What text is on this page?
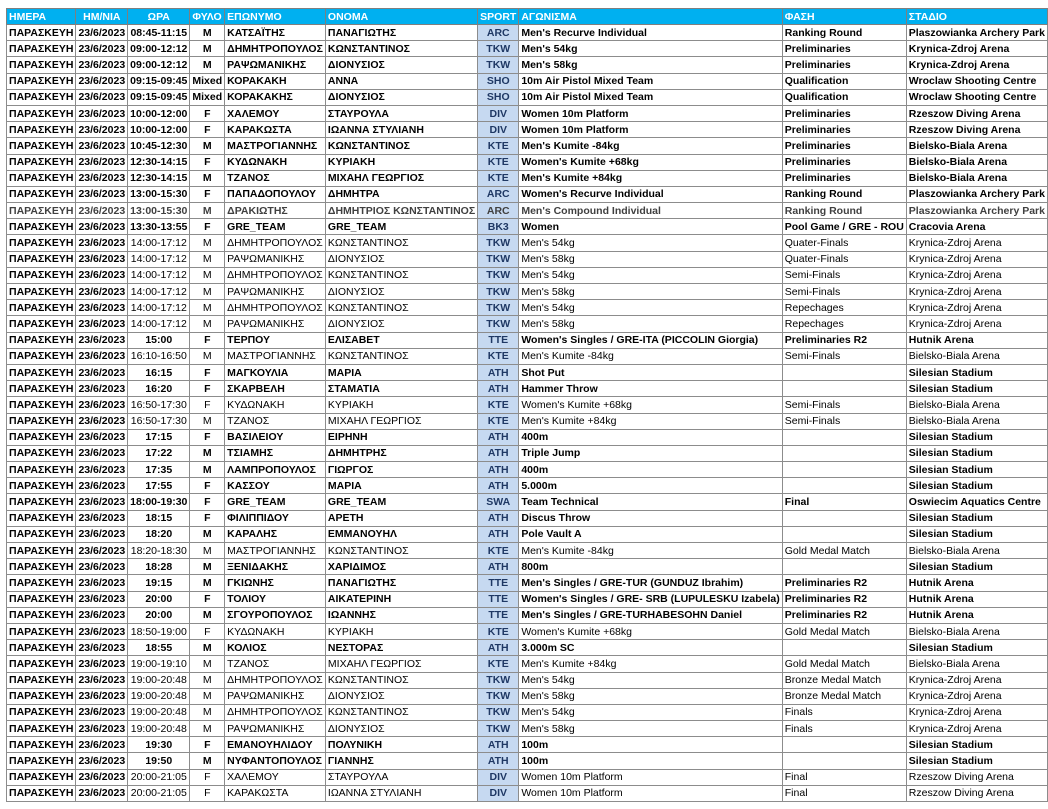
ΗΜΕΡΑ	ΗΜ/ΝΙΑ	ΩΡΑ	ΦΥΛΟ	ΕΠΩΝΥΜΟ	ΟΝΟΜΑ	SPORT	ΑΓΩΝΙΣΜΑ	ΦΑΣΗ	ΣΤΑΔΙΟ
ΠΑΡΑΣΚΕΥΗ	23/6/2023	08:45-11:15	M	ΚΑΤΣΑΪΤΗΣ	ΠΑΝΑΓΙΩΤΗΣ	ARC	Men's Recurve Individual	Ranking Round	Plaszowianka Archery Park
ΠΑΡΑΣΚΕΥΗ	23/6/2023	09:00-12:12	M	ΔΗΜΗΤΡΟΠΟΥΛΟΣ	ΚΩΝΣΤΑΝΤΙΝΟΣ	TKW	Men's 54kg	Preliminaries	Krynica-Zdroj Arena
ΠΑΡΑΣΚΕΥΗ	23/6/2023	09:00-12:12	M	ΡΑΨΩΜΑΝΙΚΗΣ	ΔΙΟΝΥΣΙΟΣ	TKW	Men's 58kg	Preliminaries	Krynica-Zdroj Arena
ΠΑΡΑΣΚΕΥΗ	23/6/2023	09:15-09:45	Mixed	ΚΟΡΑΚΑΚΗ	ΑΝΝΑ	SHO	10m Air Pistol Mixed Team	Qualification	Wroclaw Shooting Centre
ΠΑΡΑΣΚΕΥΗ	23/6/2023	09:15-09:45	Mixed	ΚΟΡΑΚΑΚΗΣ	ΔΙΟΝΥΣΙΟΣ	SHO	10m Air Pistol Mixed Team	Qualification	Wroclaw Shooting Centre
ΠΑΡΑΣΚΕΥΗ	23/6/2023	10:00-12:00	F	ΧΑΛΕΜΟΥ	ΣΤΑΥΡΟΥΛΑ	DIV	Women 10m Platform	Preliminaries	Rzeszow Diving Arena
ΠΑΡΑΣΚΕΥΗ	23/6/2023	10:00-12:00	F	ΚΑΡΑΚΩΣΤΑ	ΙΩΑΝΝΑ ΣΤΥΛΙΑΝΗ	DIV	Women 10m Platform	Preliminaries	Rzeszow Diving Arena
ΠΑΡΑΣΚΕΥΗ	23/6/2023	10:45-12:30	M	ΜΑΣΤΡΟΓΙΑΝΝΗΣ	ΚΩΝΣΤΑΝΤΙΝΟΣ	KTE	Men's Kumite -84kg	Preliminaries	Bielsko-Biala Arena
ΠΑΡΑΣΚΕΥΗ	23/6/2023	12:30-14:15	F	ΚΥΔΩΝΑΚΗ	ΚΥΡΙΑΚΗ	KTE	Women's Kumite +68kg	Preliminaries	Bielsko-Biala Arena
ΠΑΡΑΣΚΕΥΗ	23/6/2023	12:30-14:15	M	ΤΖΑΝΟΣ	ΜΙΧΑΗΛ ΓΕΩΡΓΙΟΣ	KTE	Men's Kumite +84kg	Preliminaries	Bielsko-Biala Arena
ΠΑΡΑΣΚΕΥΗ	23/6/2023	13:00-15:30	F	ΠΑΠΑΔΟΠΟΥΛΟΥ	ΔΗΜΗΤΡΑ	ARC	Women's Recurve Individual	Ranking Round	Plaszowianka Archery Park
ΠΑΡΑΣΚΕΥΗ	23/6/2023	13:00-15:30	M	ΔΡΑΚΙΩΤΗΣ	ΔΗΜΗΤΡΙΟΣ ΚΩΝΣΤΑΝΤΙΝΟΣ	ARC	Men's Compound Individual	Ranking Round	Plaszowianka Archery Park
ΠΑΡΑΣΚΕΥΗ	23/6/2023	13:30-13:55	F	GRE_TEAM	GRE_TEAM	BK3	Women	Pool Game / GRE - ROU	Cracovia Arena
ΠΑΡΑΣΚΕΥΗ	23/6/2023	14:00-17:12	M	ΔΗΜΗΤΡΟΠΟΥΛΟΣ	ΚΩΝΣΤΑΝΤΙΝΟΣ	TKW	Men's 54kg	Quater-Finals	Krynica-Zdroj Arena
ΠΑΡΑΣΚΕΥΗ	23/6/2023	14:00-17:12	M	ΡΑΨΩΜΑΝΙΚΗΣ	ΔΙΟΝΥΣΙΟΣ	TKW	Men's 58kg	Quater-Finals	Krynica-Zdroj Arena
ΠΑΡΑΣΚΕΥΗ	23/6/2023	14:00-17:12	M	ΔΗΜΗΤΡΟΠΟΥΛΟΣ	ΚΩΝΣΤΑΝΤΙΝΟΣ	TKW	Men's 54kg	Semi-Finals	Krynica-Zdroj Arena
ΠΑΡΑΣΚΕΥΗ	23/6/2023	14:00-17:12	M	ΡΑΨΩΜΑΝΙΚΗΣ	ΔΙΟΝΥΣΙΟΣ	TKW	Men's 58kg	Semi-Finals	Krynica-Zdroj Arena
ΠΑΡΑΣΚΕΥΗ	23/6/2023	14:00-17:12	M	ΔΗΜΗΤΡΟΠΟΥΛΟΣ	ΚΩΝΣΤΑΝΤΙΝΟΣ	TKW	Men's 54kg	Repechages	Krynica-Zdroj Arena
ΠΑΡΑΣΚΕΥΗ	23/6/2023	14:00-17:12	M	ΡΑΨΩΜΑΝΙΚΗΣ	ΔΙΟΝΥΣΙΟΣ	TKW	Men's 58kg	Repechages	Krynica-Zdroj Arena
ΠΑΡΑΣΚΕΥΗ	23/6/2023	15:00	F	ΤΕΡΠΟΥ	ΕΛΙΣΑΒΕΤ	TTE	Women's Singles / GRE-ITA (PICCOLIN Giorgia)	Preliminaries R2	Hutnik Arena
ΠΑΡΑΣΚΕΥΗ	23/6/2023	16:10-16:50	M	ΜΑΣΤΡΟΓΙΑΝΝΗΣ	ΚΩΝΣΤΑΝΤΙΝΟΣ	KTE	Men's Kumite -84kg	Semi-Finals	Bielsko-Biala Arena
ΠΑΡΑΣΚΕΥΗ	23/6/2023	16:15	F	ΜΑΓΚΟΥΛΙΑ	ΜΑΡΙΑ	ATH	Shot Put		Silesian Stadium
ΠΑΡΑΣΚΕΥΗ	23/6/2023	16:20	F	ΣΚΑΡΒΕΛΗ	ΣΤΑΜΑΤΙΑ	ATH	Hammer Throw		Silesian Stadium
ΠΑΡΑΣΚΕΥΗ	23/6/2023	16:50-17:30	F	ΚΥΔΩΝΑΚΗ	ΚΥΡΙΑΚΗ	KTE	Women's Kumite +68kg	Semi-Finals	Bielsko-Biala Arena
ΠΑΡΑΣΚΕΥΗ	23/6/2023	16:50-17:30	M	ΤΖΑΝΟΣ	ΜΙΧΑΗΛ ΓΕΩΡΓΙΟΣ	KTE	Men's Kumite +84kg	Semi-Finals	Bielsko-Biala Arena
ΠΑΡΑΣΚΕΥΗ	23/6/2023	17:15	F	ΒΑΣΙΛΕΙΟΥ	ΕΙΡΗΝΗ	ATH	400m		Silesian Stadium
ΠΑΡΑΣΚΕΥΗ	23/6/2023	17:22	M	ΤΣΙΑΜΗΣ	ΔΗΜΗΤΡΗΣ	ATH	Triple Jump		Silesian Stadium
ΠΑΡΑΣΚΕΥΗ	23/6/2023	17:35	M	ΛΑΜΠΡΟΠΟΥΛΟΣ	ΓΙΩΡΓΟΣ	ATH	400m		Silesian Stadium
ΠΑΡΑΣΚΕΥΗ	23/6/2023	17:55	F	ΚΑΣΣΟΥ	ΜΑΡΙΑ	ATH	5.000m		Silesian Stadium
ΠΑΡΑΣΚΕΥΗ	23/6/2023	18:00-19:30	F	GRE_TEAM	GRE_TEAM	SWA	Team Technical	Final	Oswiecim Aquatics Centre
ΠΑΡΑΣΚΕΥΗ	23/6/2023	18:15	F	ΦΙΛΙΠΠΙΔΟΥ	ΑΡΕΤΗ	ATH	Discus Throw		Silesian Stadium
ΠΑΡΑΣΚΕΥΗ	23/6/2023	18:20	M	ΚΑΡΑΛΗΣ	ΕΜΜΑΝΟΥΗΛ	ATH	Pole Vault A		Silesian Stadium
ΠΑΡΑΣΚΕΥΗ	23/6/2023	18:20-18:30	M	ΜΑΣΤΡΟΓΙΑΝΝΗΣ	ΚΩΝΣΤΑΝΤΙΝΟΣ	KTE	Men's Kumite -84kg	Gold Medal Match	Bielsko-Biala Arena
ΠΑΡΑΣΚΕΥΗ	23/6/2023	18:28	M	ΞΕΝΙΔΑΚΗΣ	ΧΑΡΙΔΙΜΟΣ	ATH	800m		Silesian Stadium
ΠΑΡΑΣΚΕΥΗ	23/6/2023	19:15	M	ΓΚΙΩΝΗΣ	ΠΑΝΑΓΙΩΤΗΣ	TTE	Men's Singles / GRE-TUR (GUNDUZ Ibrahim)	Preliminaries R2	Hutnik Arena
ΠΑΡΑΣΚΕΥΗ	23/6/2023	20:00	F	ΤΟΛΙΟΥ	ΑΙΚΑΤΕΡΙΝΗ	TTE	Women's Singles / GRE- SRB (LUPULESKU Izabela)	Preliminaries R2	Hutnik Arena
ΠΑΡΑΣΚΕΥΗ	23/6/2023	20:00	M	ΣΓΟΥΡΟΠΟΥΛΟΣ	ΙΩΑΝΝΗΣ	TTE	Men's Singles / GRE-TURHABESOHN Daniel	Preliminaries R2	Hutnik Arena
ΠΑΡΑΣΚΕΥΗ	23/6/2023	18:50-19:00	F	ΚΥΔΩΝΑΚΗ	ΚΥΡΙΑΚΗ	KTE	Women's Kumite +68kg	Gold Medal Match	Bielsko-Biala Arena
ΠΑΡΑΣΚΕΥΗ	23/6/2023	18:55	M	ΚΟΛΙΟΣ	ΝΕΣΤΟΡΑΣ	ATH	3.000m SC		Silesian Stadium
ΠΑΡΑΣΚΕΥΗ	23/6/2023	19:00-19:10	M	ΤΖΑΝΟΣ	ΜΙΧΑΗΛ ΓΕΩΡΓΙΟΣ	KTE	Men's Kumite +84kg	Gold Medal Match	Bielsko-Biala Arena
ΠΑΡΑΣΚΕΥΗ	23/6/2023	19:00-20:48	M	ΔΗΜΗΤΡΟΠΟΥΛΟΣ	ΚΩΝΣΤΑΝΤΙΝΟΣ	TKW	Men's 54kg	Bronze Medal Match	Krynica-Zdroj Arena
ΠΑΡΑΣΚΕΥΗ	23/6/2023	19:00-20:48	M	ΡΑΨΩΜΑΝΙΚΗΣ	ΔΙΟΝΥΣΙΟΣ	TKW	Men's 58kg	Bronze Medal Match	Krynica-Zdroj Arena
ΠΑΡΑΣΚΕΥΗ	23/6/2023	19:00-20:48	M	ΔΗΜΗΤΡΟΠΟΥΛΟΣ	ΚΩΝΣΤΑΝΤΙΝΟΣ	TKW	Men's 54kg	Finals	Krynica-Zdroj Arena
ΠΑΡΑΣΚΕΥΗ	23/6/2023	19:00-20:48	M	ΡΑΨΩΜΑΝΙΚΗΣ	ΔΙΟΝΥΣΙΟΣ	TKW	Men's 58kg	Finals	Krynica-Zdroj Arena
ΠΑΡΑΣΚΕΥΗ	23/6/2023	19:30	F	ΕΜΑΝΟΥΗΛΙΔΟΥ	ΠΟΛΥΝΙΚΗ	ATH	100m		Silesian Stadium
ΠΑΡΑΣΚΕΥΗ	23/6/2023	19:50	M	ΝΥΦΑΝΤΟΠΟΥΛΟΣ	ΓΙΑΝΝΗΣ	ATH	100m		Silesian Stadium
ΠΑΡΑΣΚΕΥΗ	23/6/2023	20:00-21:05	F	ΧΑΛΕΜΟΥ	ΣΤΑΥΡΟΥΛΑ	DIV	Women 10m Platform	Final	Rzeszow Diving Arena
ΠΑΡΑΣΚΕΥΗ	23/6/2023	20:00-21:05	F	ΚΑΡΑΚΩΣΤΑ	ΙΩΑΝΝΑ ΣΤΥΛΙΑΝΗ	DIV	Women 10m Platform	Final	Rzeszow Diving Arena
